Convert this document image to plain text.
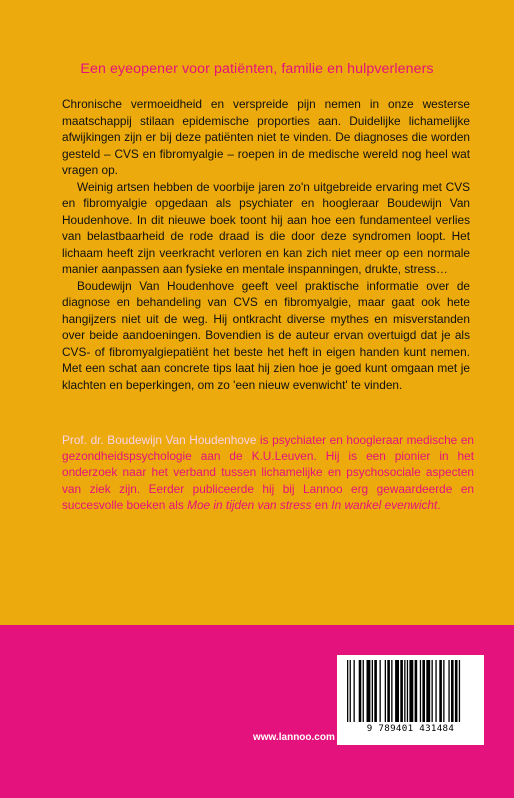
Een eyeopener voor patiënten, familie en hulpverleners

Chronische vermoeidheid en verspreide pijn nemen in onze westerse maatschappij stilaan epidemische proporties aan. Duidelijke lichamelijke afwijkingen zijn er bij deze patiënten niet te vinden. De diagnoses die worden gesteld – CVS en fibromyalgie – roepen in de medische wereld nog heel wat vragen op.

Weinig artsen hebben de voorbije jaren zo'n uitgebreide ervaring met CVS en fibromyalgie opgedaan als psychiater en hoogleraar Boudewijn Van Houdenhove. In dit nieuwe boek toont hij aan hoe een fundamenteel verlies van belastbaarheid de rode draad is die door deze syndromen loopt. Het lichaam heeft zijn veerkracht verloren en kan zich niet meer op een normale manier aanpassen aan fysieke en mentale inspanningen, drukte, stress…

Boudewijn Van Houdenhove geeft veel praktische informatie over de diagnose en behandeling van CVS en fibromyalgie, maar gaat ook hete hangijzers niet uit de weg. Hij ontkracht diverse mythes en misverstanden over beide aandoeningen. Bovendien is de auteur ervan overtuigd dat je als CVS- of fibromyalgiepatiënt het beste het heft in eigen handen kunt nemen. Met een schat aan concrete tips laat hij zien hoe je goed kunt omgaan met je klachten en beperkingen, om zo 'een nieuw evenwicht' te vinden.

Prof. dr. Boudewijn Van Houdenhove is psychiater en hoogleraar medische en gezondheidspsychologie aan de K.U.Leuven. Hij is een pionier in het onderzoek naar het verband tussen lichamelijke en psychosociale aspecten van ziek zijn. Eerder publiceerde hij bij Lannoo erg gewaardeerde en succesvolle boeken als Moe in tijden van stress en In wankel evenwicht.
9 789401 431484
www.lannoo.com
